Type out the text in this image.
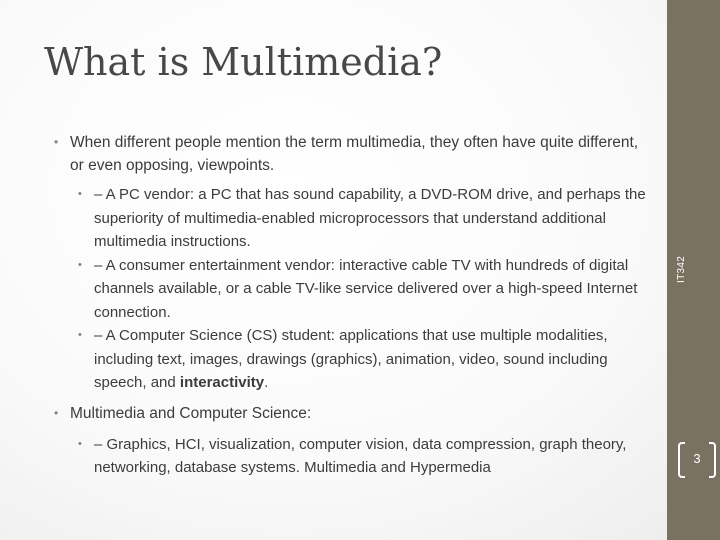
What is Multimedia?

• When different people mention the term multimedia, they often have quite different, or even opposing, viewpoints.

• – A PC vendor: a PC that has sound capability, a DVD-ROM drive, and perhaps the superiority of multimedia-enabled microprocessors that understand additional multimedia instructions.

• – A consumer entertainment vendor: interactive cable TV with hundreds of digital channels available, or a cable TV-like service delivered over a high-speed Internet connection.

• – A Computer Science (CS) student: applications that use multiple modalities, including text, images, drawings (graphics), animation, video, sound including speech, and interactivity.

• Multimedia and Computer Science:

• – Graphics, HCI, visualization, computer vision, data compression, graph theory, networking, database systems. Multimedia and Hypermedia

IT342
3
